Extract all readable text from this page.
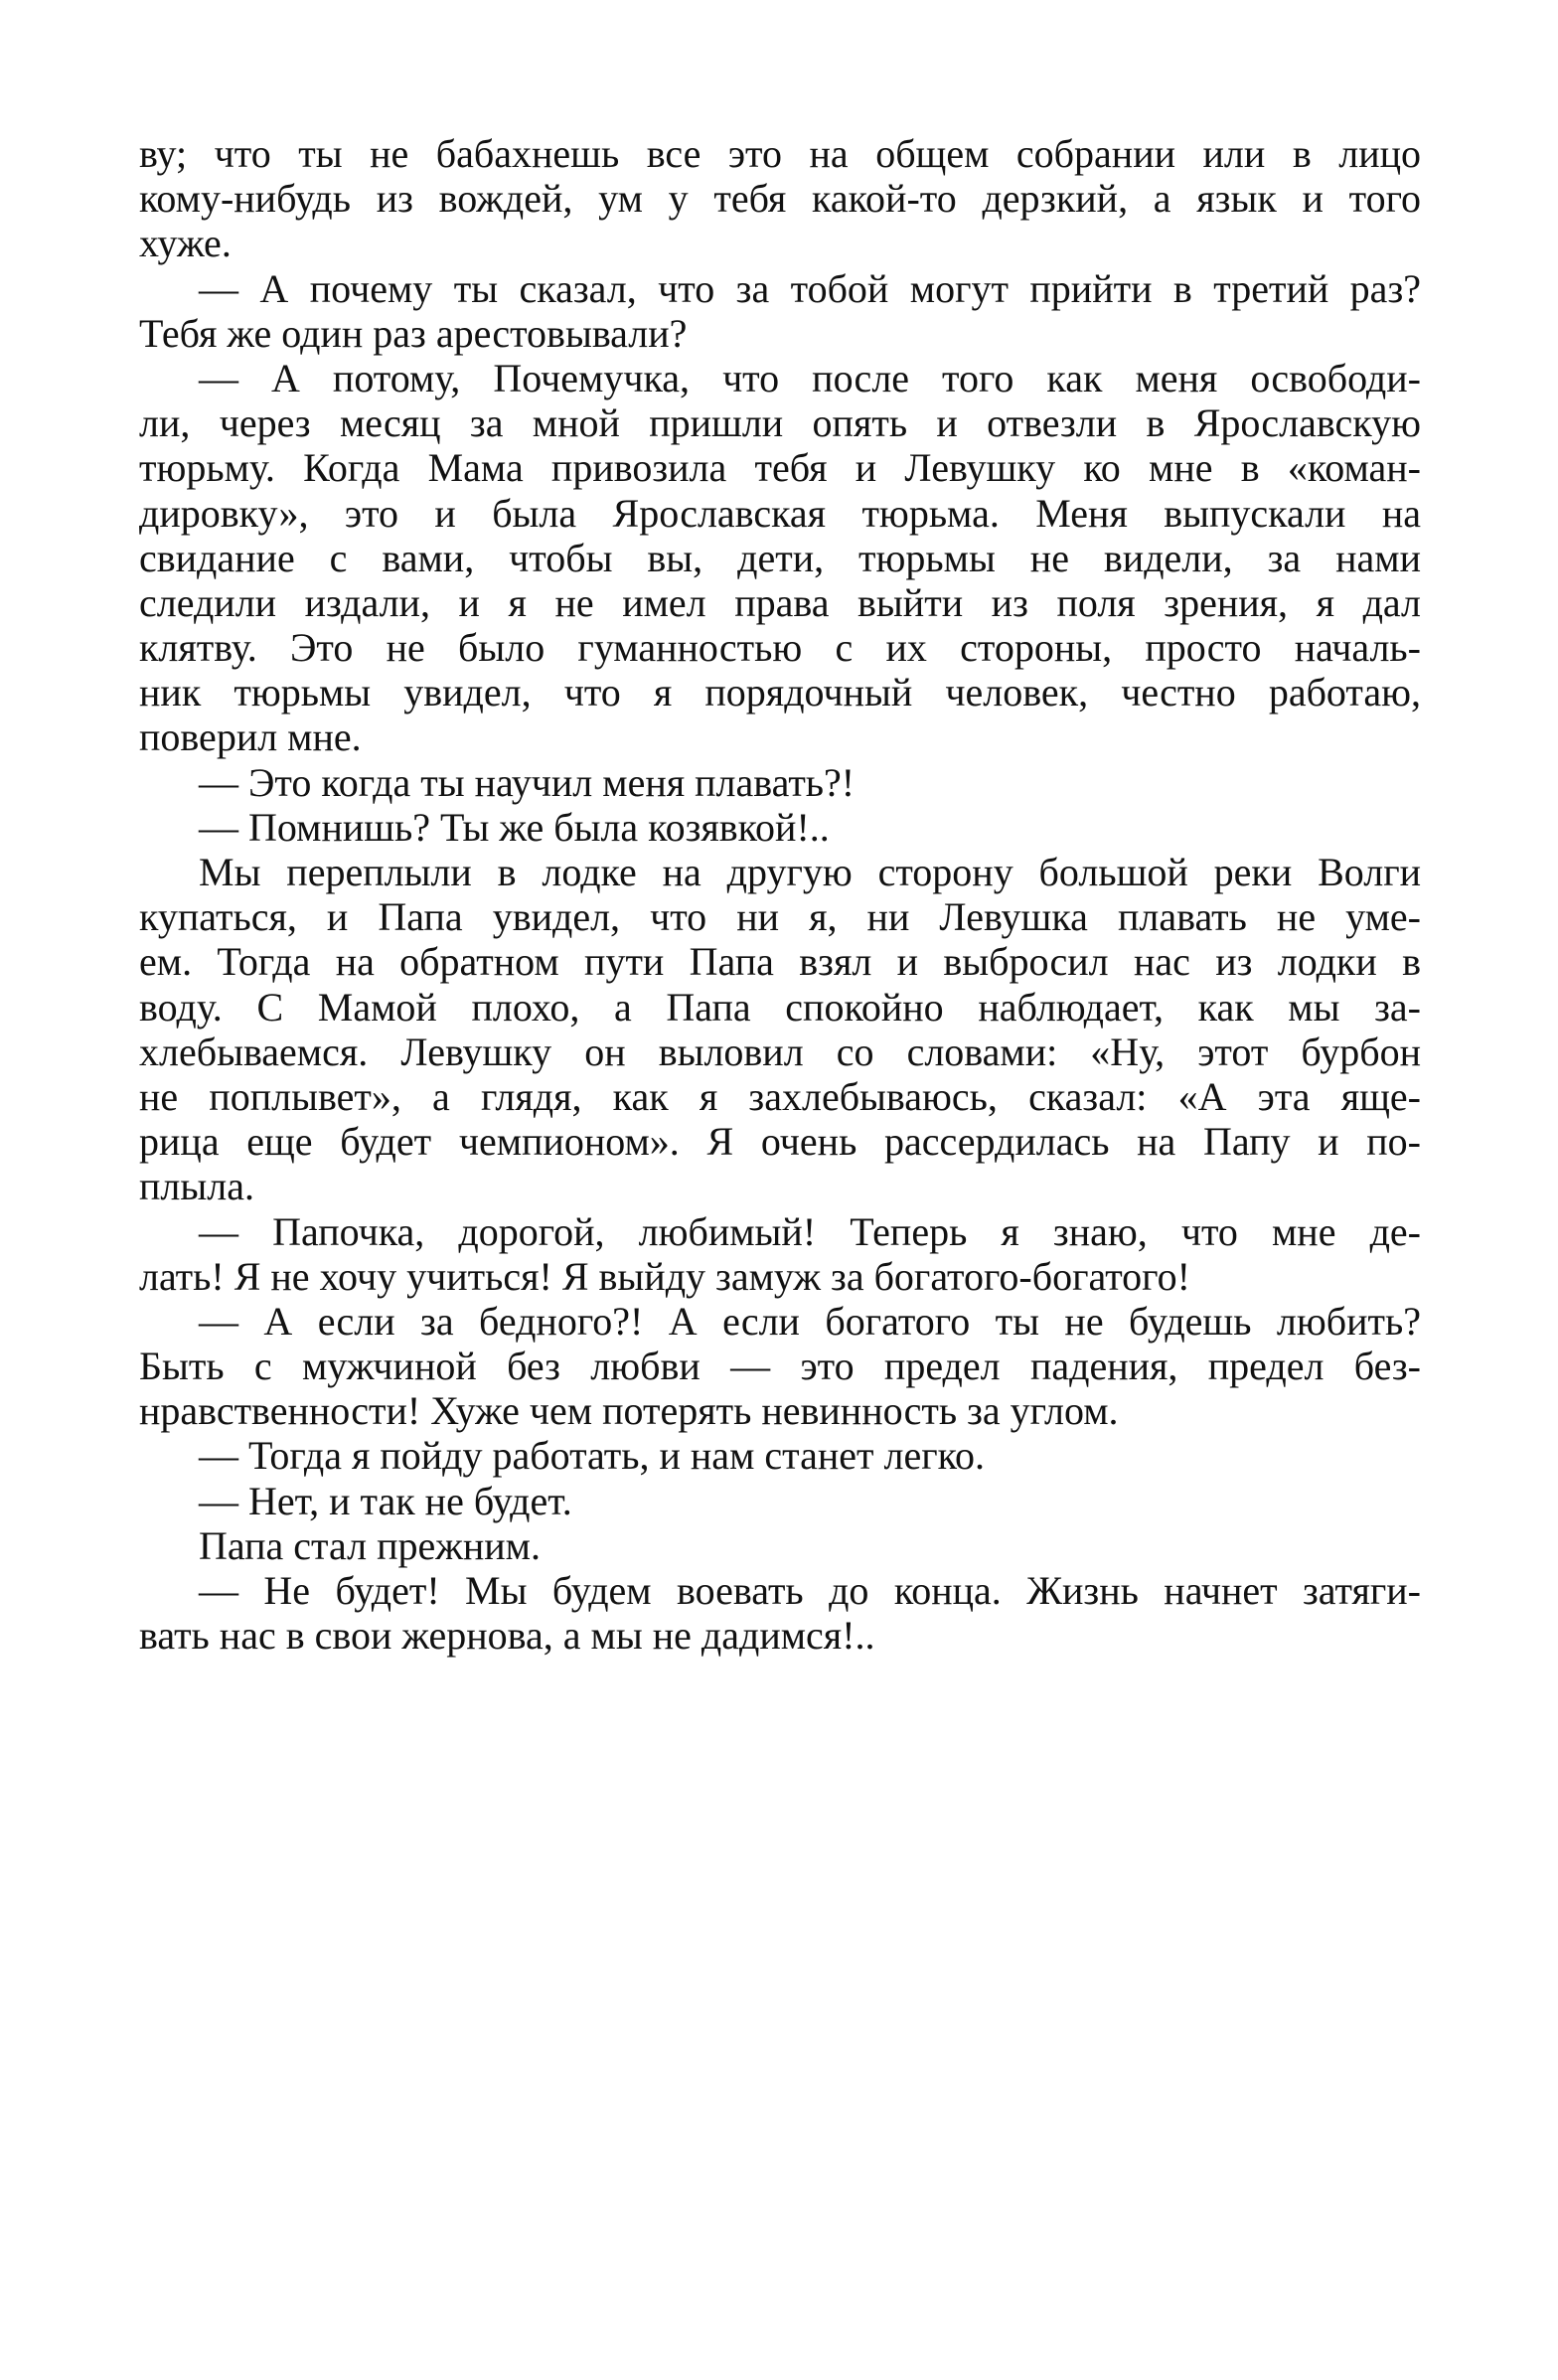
ву; что ты не бабахнешь все это на общем собрании или в лицо
кому-нибудь из вождей, ум у тебя какой-то дерзкий, а язык и того
хуже.
— А почему ты сказал, что за тобой могут прийти в третий раз?
Тебя же один раз арестовывали?
— А потому, Почемучка, что после того как меня освободи-
ли, через месяц за мной пришли опять и отвезли в Ярославскую
тюрьму. Когда Мама привозила тебя и Левушку ко мне в «коман-
дировку», это и была Ярославская тюрьма. Меня выпускали на
свидание с вами, чтобы вы, дети, тюрьмы не видели, за нами
следили издали, и я не имел права выйти из поля зрения, я дал
клятву. Это не было гуманностью с их стороны, просто началь-
ник тюрьмы увидел, что я порядочный человек, честно работаю,
поверил мне.
— Это когда ты научил меня плавать?!
— Помнишь? Ты же была козявкой!..
Мы переплыли в лодке на другую сторону большой реки Волги
купаться, и Папа увидел, что ни я, ни Левушка плавать не уме-
ем. Тогда на обратном пути Папа взял и выбросил нас из лодки в
воду. С Мамой плохо, а Папа спокойно наблюдает, как мы за-
хлебываемся. Левушку он выловил со словами: «Ну, этот бурбон
не поплывет», а глядя, как я захлебываюсь, сказал: «А эта яще-
рица еще будет чемпионом». Я очень рассердилась на Папу и по-
плыла.
— Папочка, дорогой, любимый! Теперь я знаю, что мне де-
лать! Я не хочу учиться! Я выйду замуж за богатого-богатого!
— А если за бедного?! А если богатого ты не будешь любить?
Быть с мужчиной без любви — это предел падения, предел без-
нравственности! Хуже чем потерять невинность за углом.
— Тогда я пойду работать, и нам станет легко.
— Нет, и так не будет.
Папа стал прежним.
— Не будет! Мы будем воевать до конца. Жизнь начнет затяги-
вать нас в свои жернова, а мы не дадимся!..
